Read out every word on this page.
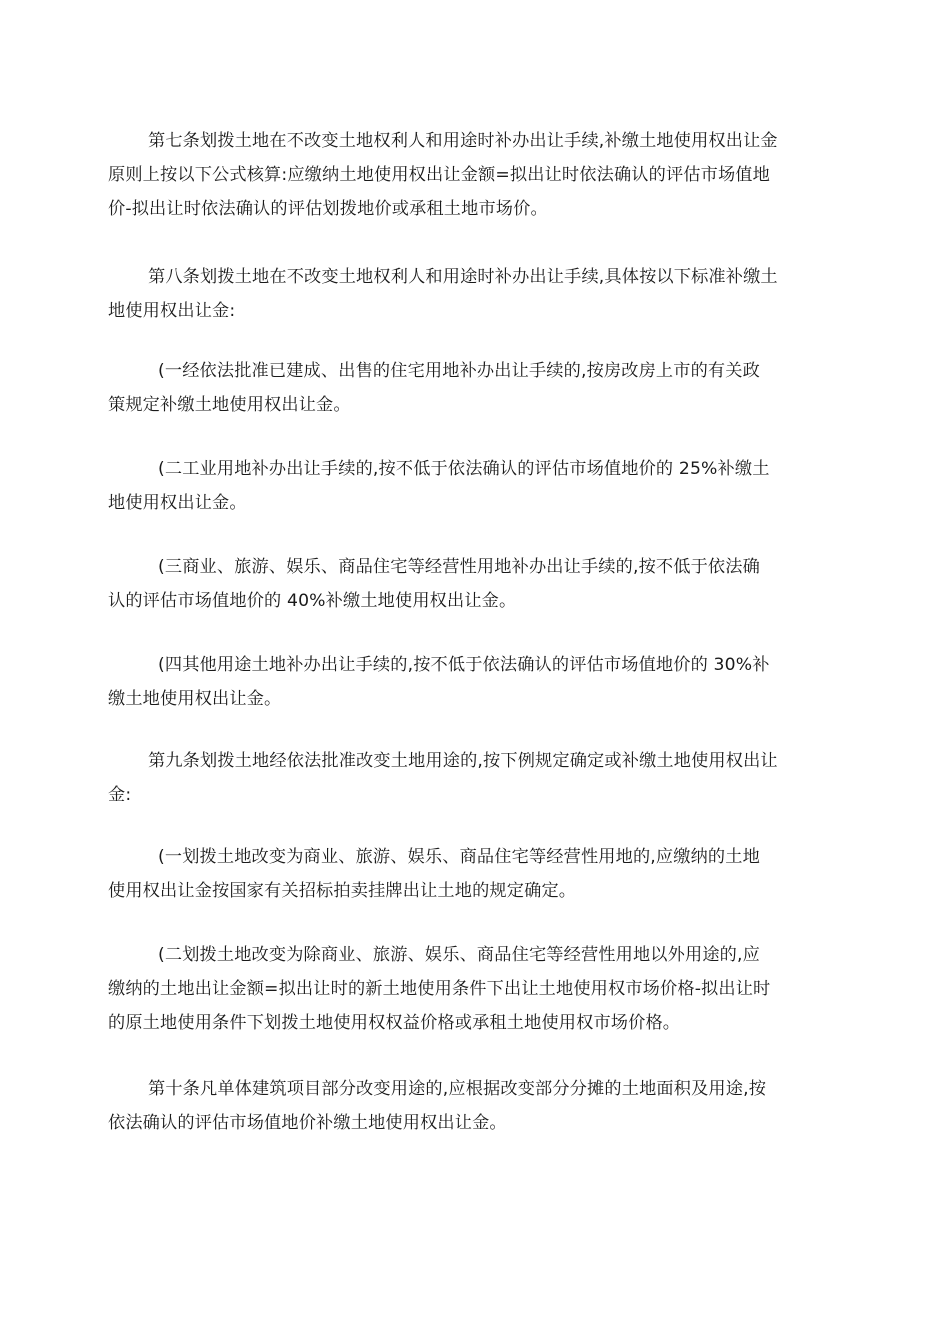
第七条划拨土地在不改变土地权利人和用途时补办出让手续,补缴土地使用权出让金
原则上按以下公式核算:应缴纳土地使用权出让金额=拟出让时依法确认的评估市场值地
价-拟出让时依法确认的评估划拨地价或承租土地市场价。
第八条划拨土地在不改变土地权利人和用途时补办出让手续,具体按以下标准补缴土
地使用权出让金:
(一经依法批准已建成、出售的住宅用地补办出让手续的,按房改房上市的有关政
策规定补缴土地使用权出让金。
(二工业用地补办出让手续的,按不低于依法确认的评估市场值地价的 25%补缴土
地使用权出让金。
(三商业、旅游、娱乐、商品住宅等经营性用地补办出让手续的,按不低于依法确
认的评估市场值地价的 40%补缴土地使用权出让金。
(四其他用途土地补办出让手续的,按不低于依法确认的评估市场值地价的 30%补
缴土地使用权出让金。
第九条划拨土地经依法批准改变土地用途的,按下例规定确定或补缴土地使用权出让
金:
(一划拨土地改变为商业、旅游、娱乐、商品住宅等经营性用地的,应缴纳的土地
使用权出让金按国家有关招标拍卖挂牌出让土地的规定确定。
(二划拨土地改变为除商业、旅游、娱乐、商品住宅等经营性用地以外用途的,应
缴纳的土地出让金额=拟出让时的新土地使用条件下出让土地使用权市场价格-拟出让时
的原土地使用条件下划拨土地使用权权益价格或承租土地使用权市场价格。
第十条凡单体建筑项目部分改变用途的,应根据改变部分分摊的土地面积及用途,按
依法确认的评估市场值地价补缴土地使用权出让金。
